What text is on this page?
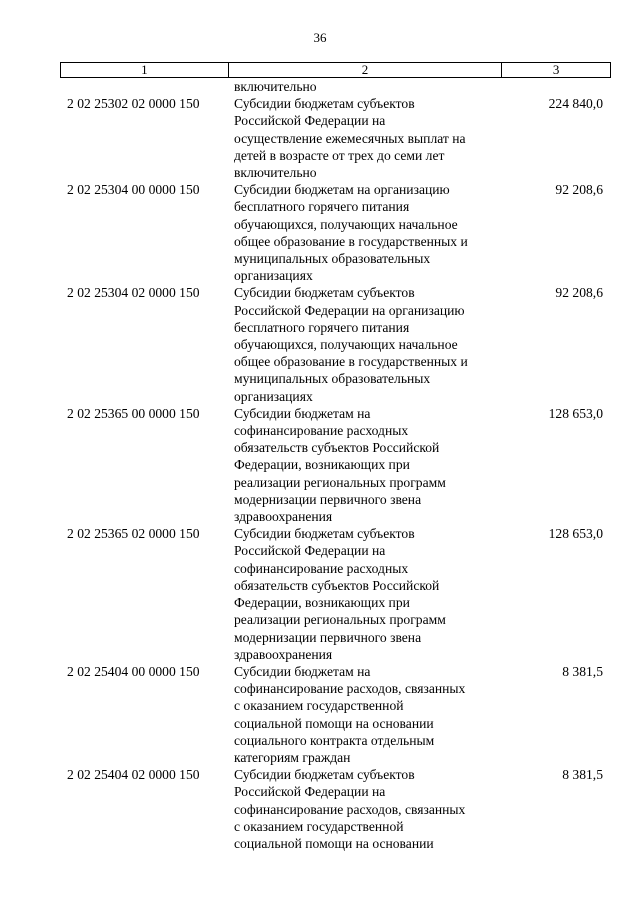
36
1	2	3
включительно
2 02 25302 02 0000 150	Субсидии бюджетам субъектов
Российской Федерации на
осуществление ежемесячных выплат на
детей в возрасте от трех до семи лет
включительно
224 840,0
2 02 25304 00 0000 150	Субсидии бюджетам на организацию
бесплатного горячего питания
обучающихся, получающих начальное
общее образование в государственных и
муниципальных образовательных
организациях
92 208,6
2 02 25304 02 0000 150	Субсидии бюджетам субъектов
Российской Федерации на организацию
бесплатного горячего питания
обучающихся, получающих начальное
общее образование в государственных и
муниципальных образовательных
организациях
92 208,6
2 02 25365 00 0000 150	Субсидии бюджетам на
софинансирование расходных
обязательств субъектов Российской
Федерации, возникающих при
реализации региональных программ
модернизации первичного звена
здравоохранения
128 653,0
2 02 25365 02 0000 150	Субсидии бюджетам субъектов
Российской Федерации на
софинансирование расходных
обязательств субъектов Российской
Федерации, возникающих при
реализации региональных программ
модернизации первичного звена
здравоохранения
128 653,0
2 02 25404 00 0000 150	Субсидии бюджетам на
софинансирование расходов, связанных
с оказанием государственной
социальной помощи на основании
социального контракта отдельным
категориям граждан
8 381,5
2 02 25404 02 0000 150	Субсидии бюджетам субъектов
Российской Федерации на
софинансирование расходов, связанных
с оказанием государственной
социальной помощи на основании
8 381,5
